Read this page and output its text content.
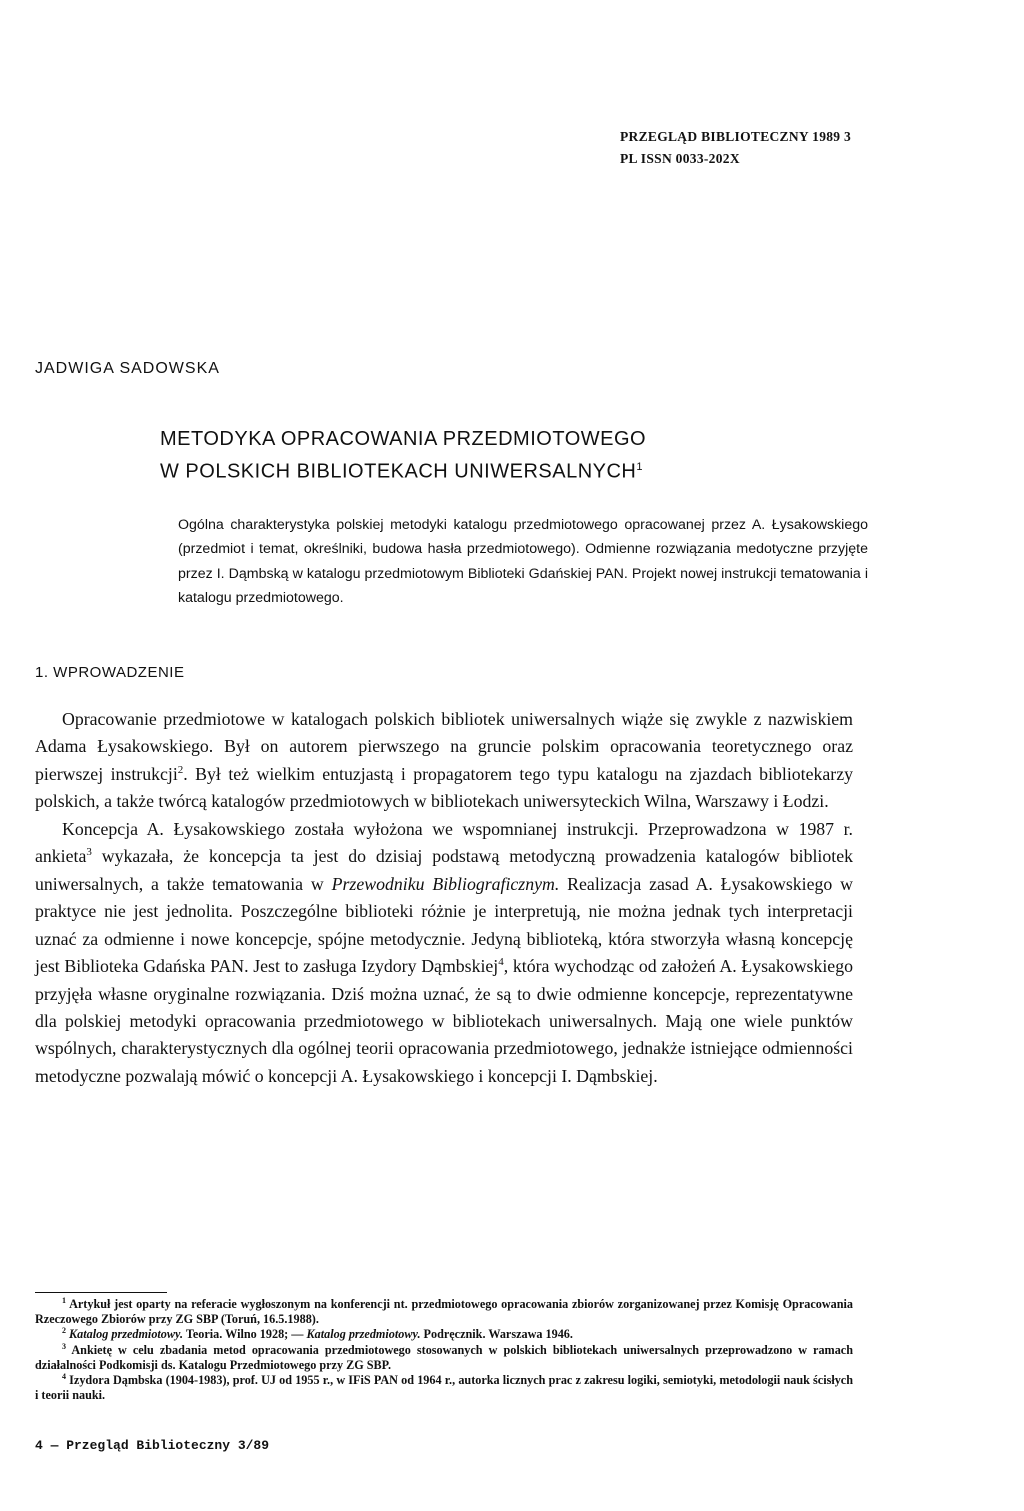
PRZEGLĄD BIBLIOTECZNY 1989 3
PL ISSN 0033-202X
JADWIGA SADOWSKA
METODYKA OPRACOWANIA PRZEDMIOTOWEGO
W POLSKICH BIBLIOTEKACH UNIWERSALNYCH$^1$
Ogólna charakterystyka polskiej metodyki katalogu przedmiotowego opracowanej przez A. Łysakowskiego (przedmiot i temat, określniki, budowa hasła przedmiotowego). Odmienne rozwiązania medotyczne przyjęte przez I. Dąmbską w katalogu przedmiotowym Biblioteki Gdańskiej PAN. Projekt nowej instrukcji tematowania i katalogu przedmiotowego.
1. WPROWADZENIE

Opracowanie przedmiotowe w katalogach polskich bibliotek uniwersalnych wiąże się zwykle z nazwiskiem Adama Łysakowskiego. Był on autorem pierwszego na gruncie polskim opracowania teoretycznego oraz pierwszej instrukcji$^2$. Był też wielkim entuzjastą i propagatorem tego typu katalogu na zjazdach bibliotekarzy polskich, a także twórcą katalogów przedmiotowych w bibliotekach uniwersyteckich Wilna, Warszawy i Łodzi.

Koncepcja A. Łysakowskiego została wyłożona we wspomnianej instrukcji. Przeprowadzona w 1987 r. ankieta$^3$ wykazała, że koncepcja ta jest do dzisiaj podstawą metodyczną prowadzenia katalogów bibliotek uniwersalnych, a także tematowania w Przewodniku Bibliograficznym. Realizacja zasad A. Łysakowskiego w praktyce nie jest jednolita. Poszczególne biblioteki różnie je interpretują, nie można jednak tych interpretacji uznać za odmienne i nowe koncepcje, spójne metodycznie. Jedyną biblioteką, która stworzyła własną koncepcję jest Biblioteka Gdańska PAN. Jest to zasługa Izydory Dąmbskiej$^4$, która wychodząc od założeń A. Łysakowskiego przyjęła własne oryginalne rozwiązania. Dziś można uznać, że są to dwie odmienne koncepcje, reprezentatywne dla polskiej metodyki opracowania przedmiotowego w bibliotekach uniwersalnych. Mają one wiele punktów wspólnych, charakterystycznych dla ogólnej teorii opracowania przedmiotowego, jednakże istniejące odmienności metodyczne pozwalają mówić o koncepcji A. Łysakowskiego i koncepcji I. Dąmbskiej.

$^1$ Artykuł jest oparty na referacie wygłoszonym na konferencji nt. przedmiotowego opracowania zbiorów zorganizowanej przez Komisję Opracowania Rzeczowego Zbiorów przy ZG SBP (Toruń, 16.5.1988).

$^2$ Katalog przedmiotowy. Teoria. Wilno 1928; — Katalog przedmiotowy. Podręcznik. Warszawa 1946.

$^3$ Ankietę w celu zbadania metod opracowania przedmiotowego stosowanych w polskich bibliotekach uniwersalnych przeprowadzono w ramach działalności Podkomisji ds. Katalogu Przedmiotowego przy ZG SBP.

$^4$ Izydora Dąmbska (1904-1983), prof. UJ od 1955 r., w IFiS PAN od 1964 r., autorka licznych prac z zakresu logiki, semiotyki, metodologii nauk ścisłych i teorii nauki.

4 — Przegląd Biblioteczny 3/89
